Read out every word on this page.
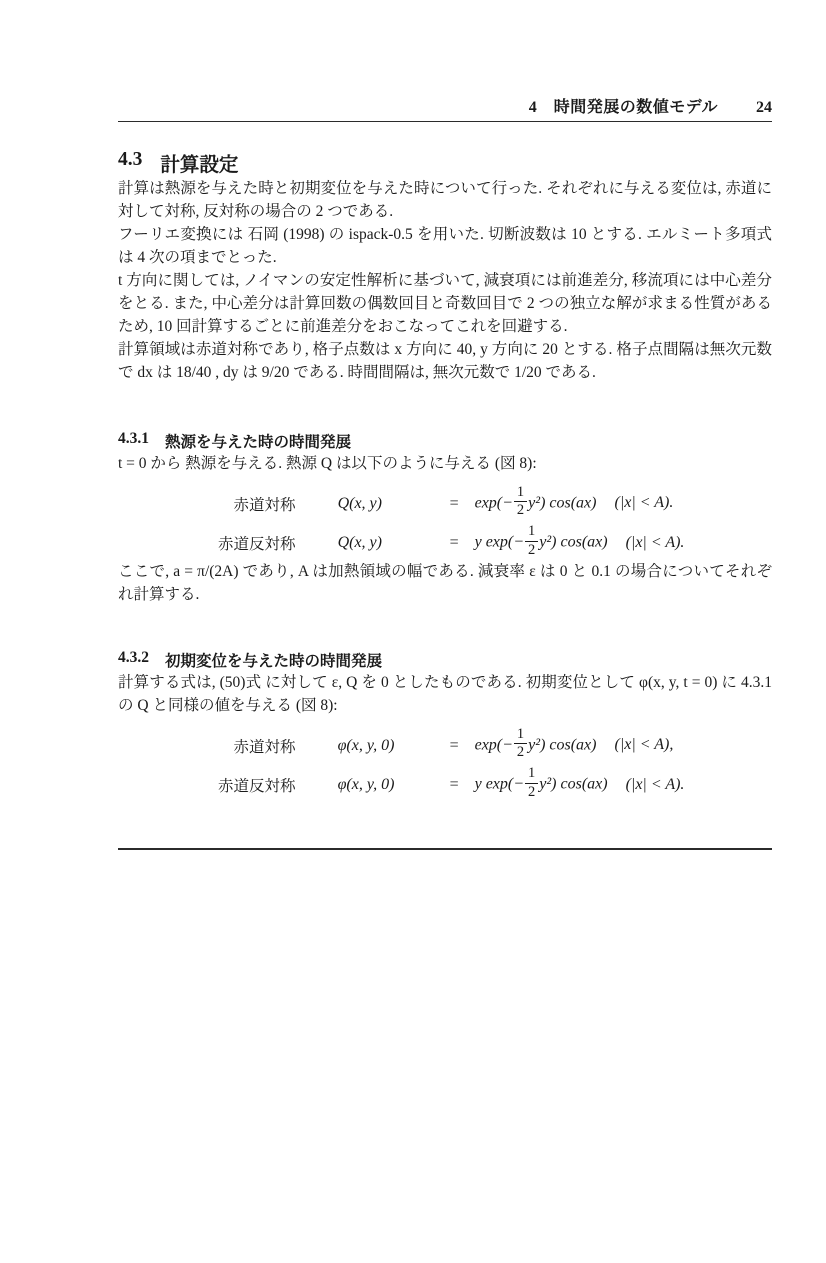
4　時間発展の数値モデル 24
4.3 計算設定

計算は熱源を与えた時と初期変位を与えた時について行った. それぞれに与える変位は, 赤道に対して対称, 反対称の場合の 2 つである.

フーリエ変換には 石岡 (1998) の ispack-0.5 を用いた. 切断波数は 10 とする. エルミート多項式は 4 次の項までとった.

t 方向に関しては, ノイマンの安定性解析に基づいて, 減衰項には前進差分, 移流項には中心差分をとる. また, 中心差分は計算回数の偶数回目と奇数回目で 2 つの独立な解が求まる性質があるため, 10 回計算するごとに前進差分をおこなってこれを回避する.

計算領域は赤道対称であり, 格子点数は x 方向に 40, y 方向に 20 とする. 格子点間隔は無次元数で dx は 18/40 , dy は 9/20 である. 時間間隔は, 無次元数で 1/20 である.

4.3.1 熱源を与えた時の時間発展

t = 0 から 熱源を与える. 熱源 Q は以下のように与える (図 8):

赤道対称	Q(x, y)	=	$\exp(- \frac{1}{2} y^2)$ cos(ax) (|x| < A).
赤道反対称	Q(x, y)	=	y $\exp(- \frac{1}{2} y^2)$ cos(ax) (|x| < A).

ここで, a = π/(2A) であり, A は加熱領域の幅である. 減衰率 ε は 0 と 0.1 の場合についてそれぞれ計算する.

4.3.2 初期変位を与えた時の時間発展

計算する式は, (50)式 に対して ε, Q を 0 としたものである. 初期変位として φ(x, y, t = 0) に 4.3.1 の Q と同様の値を与える (図 8):

赤道対称	φ(x, y, 0)	=	$\exp(- \frac{1}{2} y^2)$ cos(ax) (|x| < A),
赤道反対称	φ(x, y, 0)	=	y $\exp(- \frac{1}{2} y^2)$ cos(ax) (|x| < A).
